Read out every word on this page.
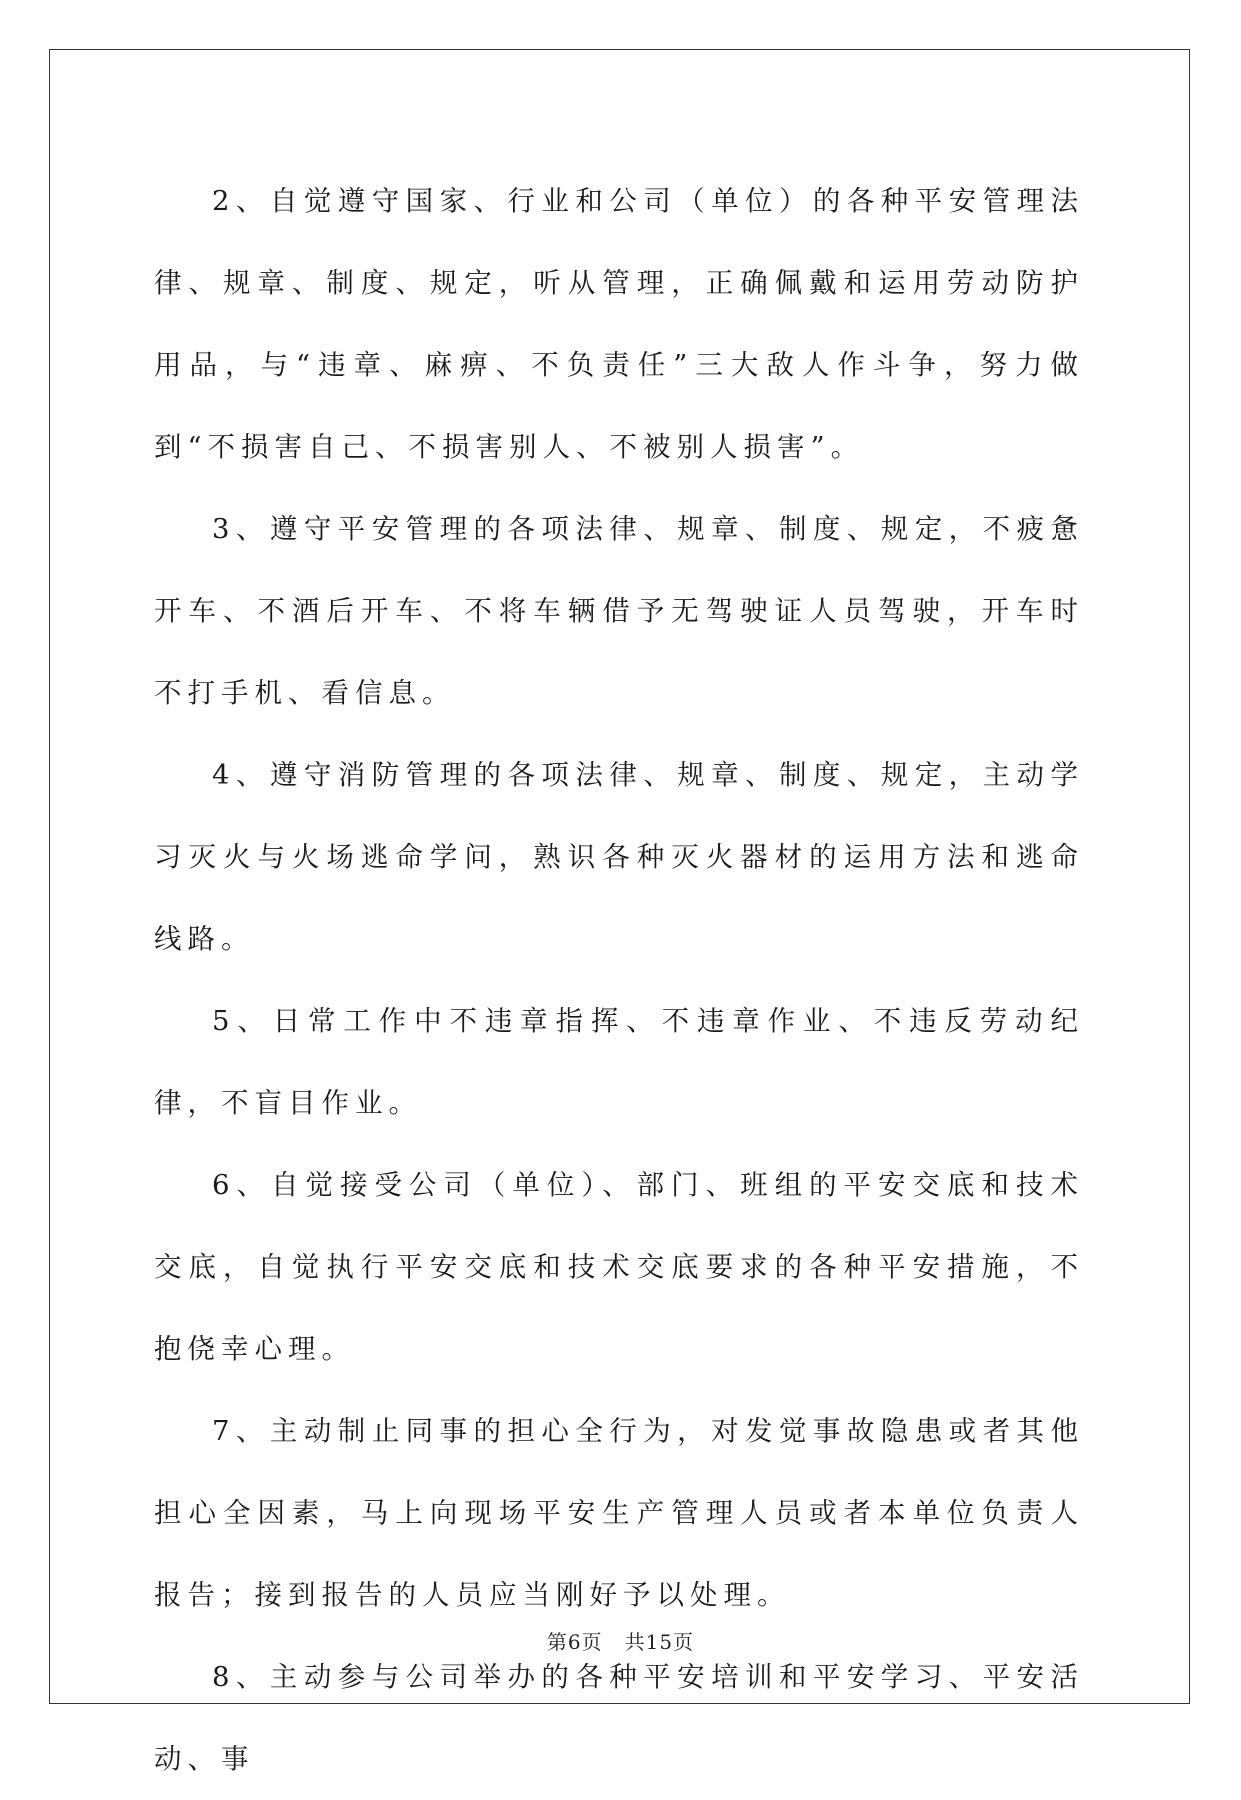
2、自觉遵守国家、行业和公司（单位）的各种平安管理法律、规章、制度、规定，听从管理，正确佩戴和运用劳动防护用品，与“违章、麻痹、不负责任”三大敌人作斗争，努力做到“不损害自己、不损害别人、不被别人损害”。

3、遵守平安管理的各项法律、规章、制度、规定，不疲惫开车、不酒后开车、不将车辆借予无驾驶证人员驾驶，开车时不打手机、看信息。

4、遵守消防管理的各项法律、规章、制度、规定，主动学习灭火与火场逃命学问，熟识各种灭火器材的运用方法和逃命线路。

5、日常工作中不违章指挥、不违章作业、不违反劳动纪律，不盲目作业。

6、自觉接受公司（单位）、部门、班组的平安交底和技术交底，自觉执行平安交底和技术交底要求的各种平安措施，不抱侥幸心理。

7、主动制止同事的担心全行为，对发觉事故隐患或者其他担心全因素，马上向现场平安生产管理人员或者本单位负责人报告；接到报告的人员应当刚好予以处理。

8、主动参与公司举办的各种平安培训和平安学习、平安活动、事

第6页 共15页
